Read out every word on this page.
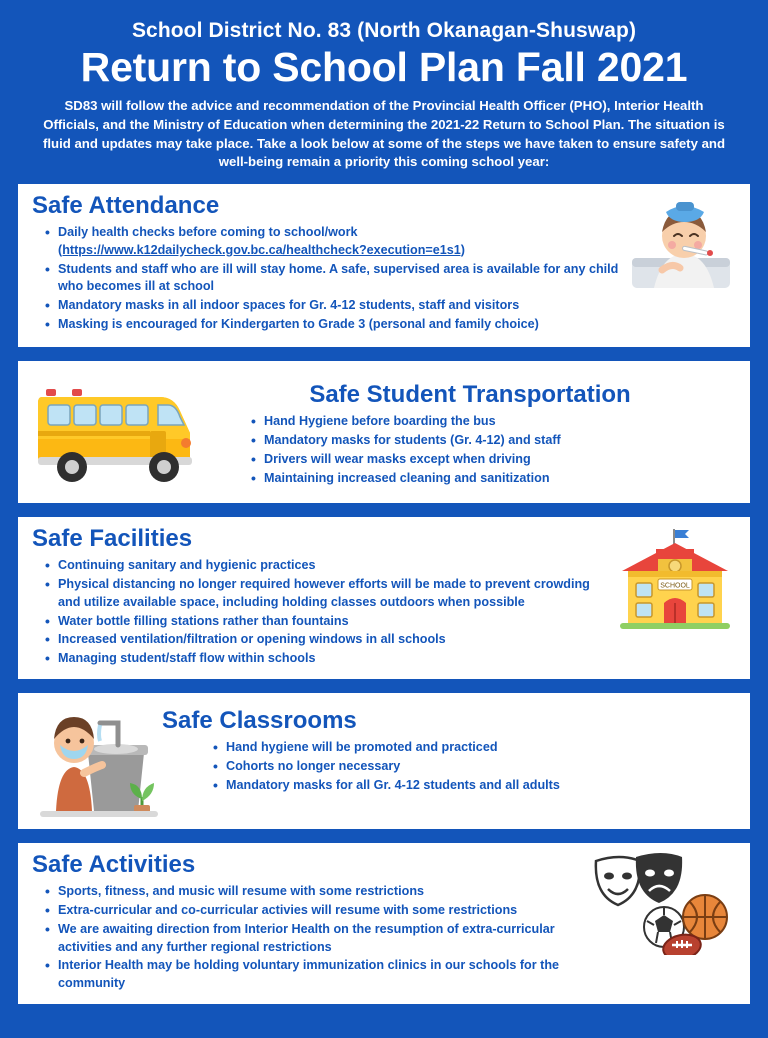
School District No. 83 (North Okanagan-Shuswap)
Return to School Plan Fall 2021
SD83 will follow the advice and recommendation of the Provincial Health Officer (PHO), Interior Health Officials, and the Ministry of Education when determining the 2021-22 Return to School Plan. The situation is fluid and updates may take place. Take a look below at some of the steps we have taken to ensure safety and well-being remain a priority this coming school year:
Safe Attendance
• Daily health checks before coming to school/work
(https://www.k12dailycheck.gov.bc.ca/healthcheck?execution=e1s1)
• Students and staff who are ill will stay home. A safe, supervised area is available for any child who becomes ill at school
• Mandatory masks in all indoor spaces for Gr. 4-12 students, staff and visitors
• Masking is encouraged for Kindergarten to Grade 3 (personal and family choice)
Safe Student Transportation
• Hand Hygiene before boarding the bus
• Mandatory masks for students (Gr. 4-12) and staff
• Drivers will wear masks except when driving
• Maintaining increased cleaning and sanitization
Safe Facilities
• Continuing sanitary and hygienic practices
• Physical distancing no longer required however efforts will be made to prevent crowding and utilize available space, including holding classes outdoors when possible
• Water bottle filling stations rather than fountains
• Increased ventilation/filtration or opening windows in all schools
• Managing student/staff flow within schools
SCHOOL
Safe Classrooms
• Hand hygiene will be promoted and practiced
• Cohorts no longer necessary
• Mandatory masks for all Gr. 4-12 students and all adults
Safe Activities
• Sports, fitness, and music will resume with some restrictions
• Extra-curricular and co-curricular activies will resume with some restrictions
• We are awaiting direction from Interior Health on the resumption of extra-curricular activities and any further regional restrictions
• Interior Health may be holding voluntary immunization clinics in our schools for the community
